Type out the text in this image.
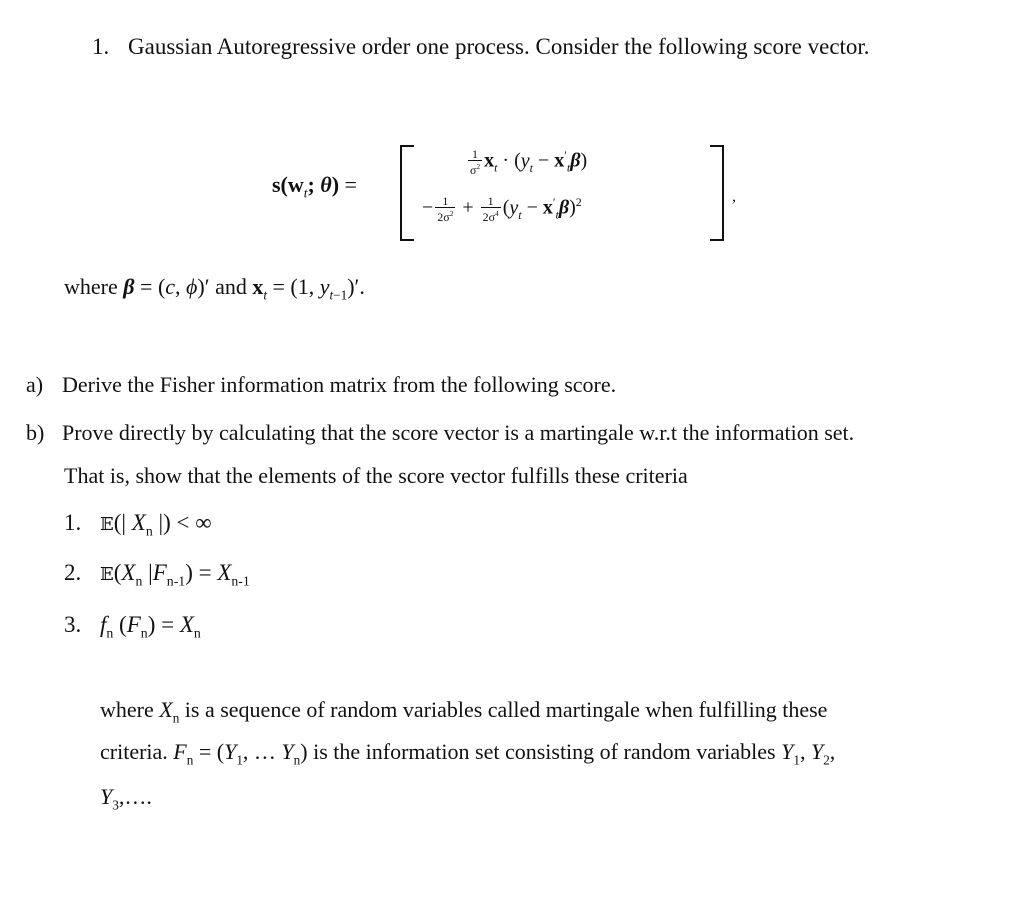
1. Gaussian Autoregressive order one process. Consider the following score vector.
$s(w_t$; θ) =	,
$\frac{1}{\sigma^2} x_t \cdot (y_t - x'_t\beta)$
− $\frac{1}{2\sigma^2} + \frac{1}{2\sigma^4} (y_t - x'_t\beta)^2$
where β = (c, ϕ)′ and $x_t = (1$, $y_{t-1})'$.
a) Derive the Fisher information matrix from the following score.
b) Prove directly by calculating that the score vector is a martingale w.r.t the information set.
That is, show that the elements of the score vector fulfills these criteria
1. 𝔼(| $X_n$ |) < ∞
2. $𝔼(X_n$ $|F_{n-1}) = X_{n-1}$
3. $f_n$ $(F_n) = X_n$
where $X_n$ is a sequence of random variables called martingale when fulfilling these
criteria. $F_n = (Y_1$, … $Y_n$) is the information set consisting of random variables $Y_1$, $Y_2$,
$Y_3,\dots$.
